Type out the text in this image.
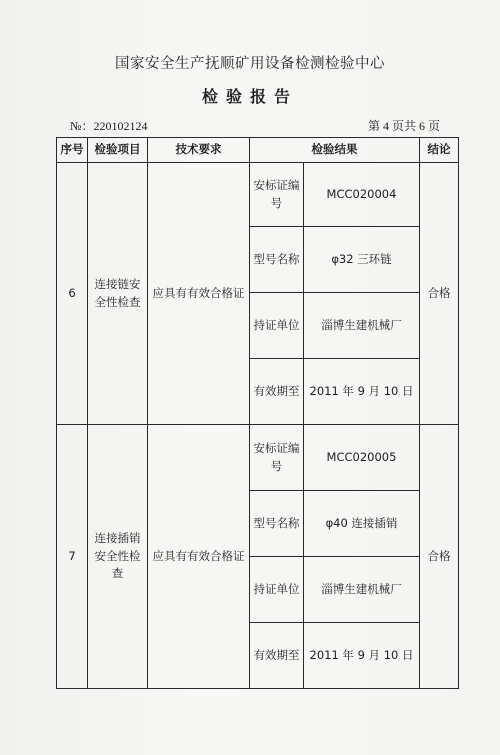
国家安全生产抚顺矿用设备检测检验中心
检验报告
№：220102124	第 4 页共 6 页
序号	检验项目	技术要求	检验结果		结论
6	连接链安全性检查	应具有有效合格证	安标证编号	MCC020004	合格
			型号名称	φ32 三环链	
			持证单位	淄博生建机械厂	
			有效期至	2011 年 9 月 10 日	
7	连接插销安全性检查	应具有有效合格证	安标证编号	MCC020005	合格
			型号名称	φ40 连接插销	
			持证单位	淄博生建机械厂	
			有效期至	2011 年 9 月 10 日	
